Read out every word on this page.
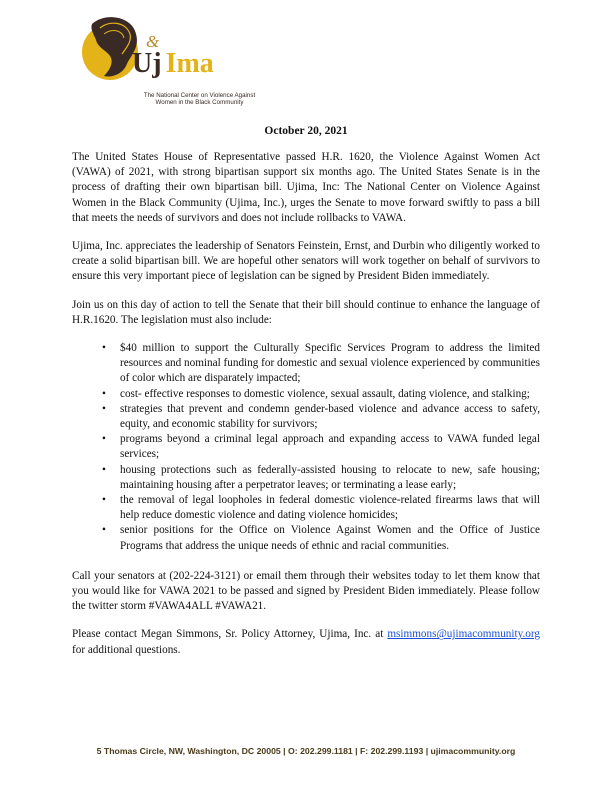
U
&
j Ima
The National Center on Violence Against
Women in the Black Community
October 20, 2021

The United States House of Representative passed H.R. 1620, the Violence Against Women Act (VAWA) of 2021, with strong bipartisan support six months ago. The United States Senate is in the process of drafting their own bipartisan bill. Ujima, Inc: The National Center on Violence Against Women in the Black Community (Ujima, Inc.), urges the Senate to move forward swiftly to pass a bill that meets the needs of survivors and does not include rollbacks to VAWA.

Ujima, Inc. appreciates the leadership of Senators Feinstein, Ernst, and Durbin who diligently worked to create a solid bipartisan bill. We are hopeful other senators will work together on behalf of survivors to ensure this very important piece of legislation can be signed by President Biden immediately.

Join us on this day of action to tell the Senate that their bill should continue to enhance the language of H.R.1620. The legislation must also include:

• $40 million to support the Culturally Specific Services Program to address the limited resources and nominal funding for domestic and sexual violence experienced by communities of color which are disparately impacted;
• cost- effective responses to domestic violence, sexual assault, dating violence, and stalking;
• strategies that prevent and condemn gender-based violence and advance access to safety, equity, and economic stability for survivors;
• programs beyond a criminal legal approach and expanding access to VAWA funded legal services;
• housing protections such as federally-assisted housing to relocate to new, safe housing; maintaining housing after a perpetrator leaves; or terminating a lease early;
• the removal of legal loopholes in federal domestic violence-related firearms laws that will help reduce domestic violence and dating violence homicides;
• senior positions for the Office on Violence Against Women and the Office of Justice Programs that address the unique needs of ethnic and racial communities.

Call your senators at (202-224-3121) or email them through their websites today to let them know that you would like for VAWA 2021 to be passed and signed by President Biden immediately. Please follow the twitter storm #VAWA4ALL #VAWA21.

Please contact Megan Simmons, Sr. Policy Attorney, Ujima, Inc. at msimmons@ujimacommunity.org for additional questions.

5 Thomas Circle, NW, Washington, DC 20005 | O: 202.299.1181 | F: 202.299.1193 | ujimacommunity.org
